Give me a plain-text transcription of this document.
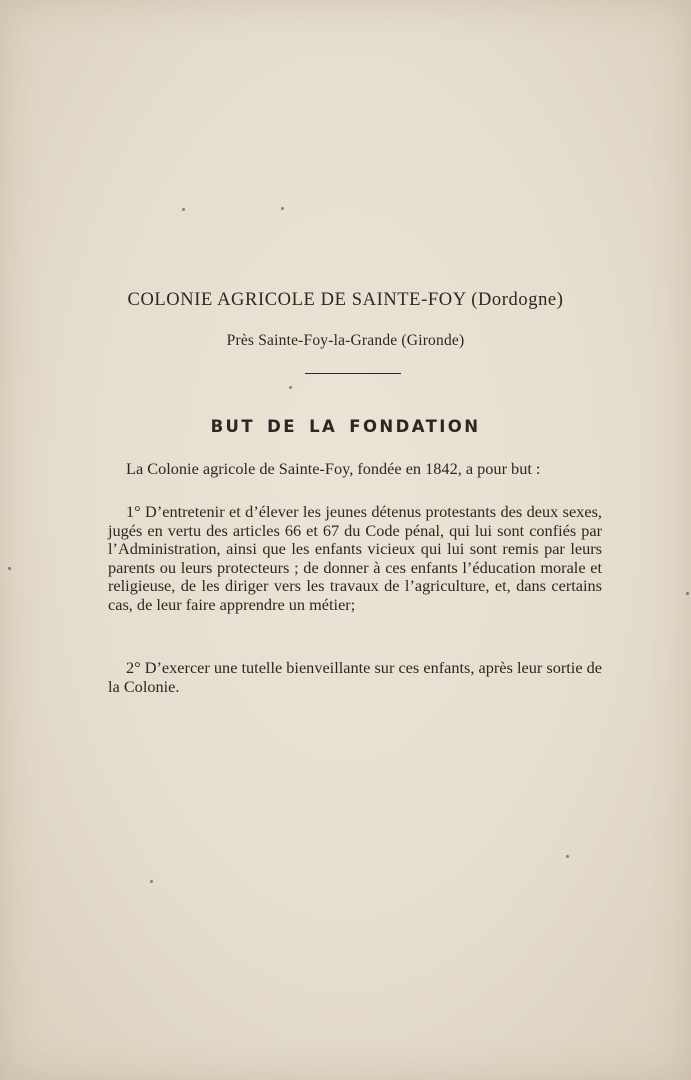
COLONIE AGRICOLE DE SAINTE-FOY (Dordogne)
Près Sainte-Foy-la-Grande (Gironde)
BUT DE LA FONDATION

La Colonie agricole de Sainte-Foy, fondée en 1842, a pour but :

1° D’entretenir et d’élever les jeunes détenus protestants des deux sexes, jugés en vertu des articles 66 et 67 du Code pénal, qui lui sont confiés par l’Administration, ainsi que les enfants vicieux qui lui sont remis par leurs parents ou leurs protecteurs ; de donner à ces enfants l’éducation morale et religieuse, de les diriger vers les travaux de l’agriculture, et, dans certains cas, de leur faire apprendre un métier;

2° D’exercer une tutelle bienveillante sur ces enfants, après leur sortie de la Colonie.
